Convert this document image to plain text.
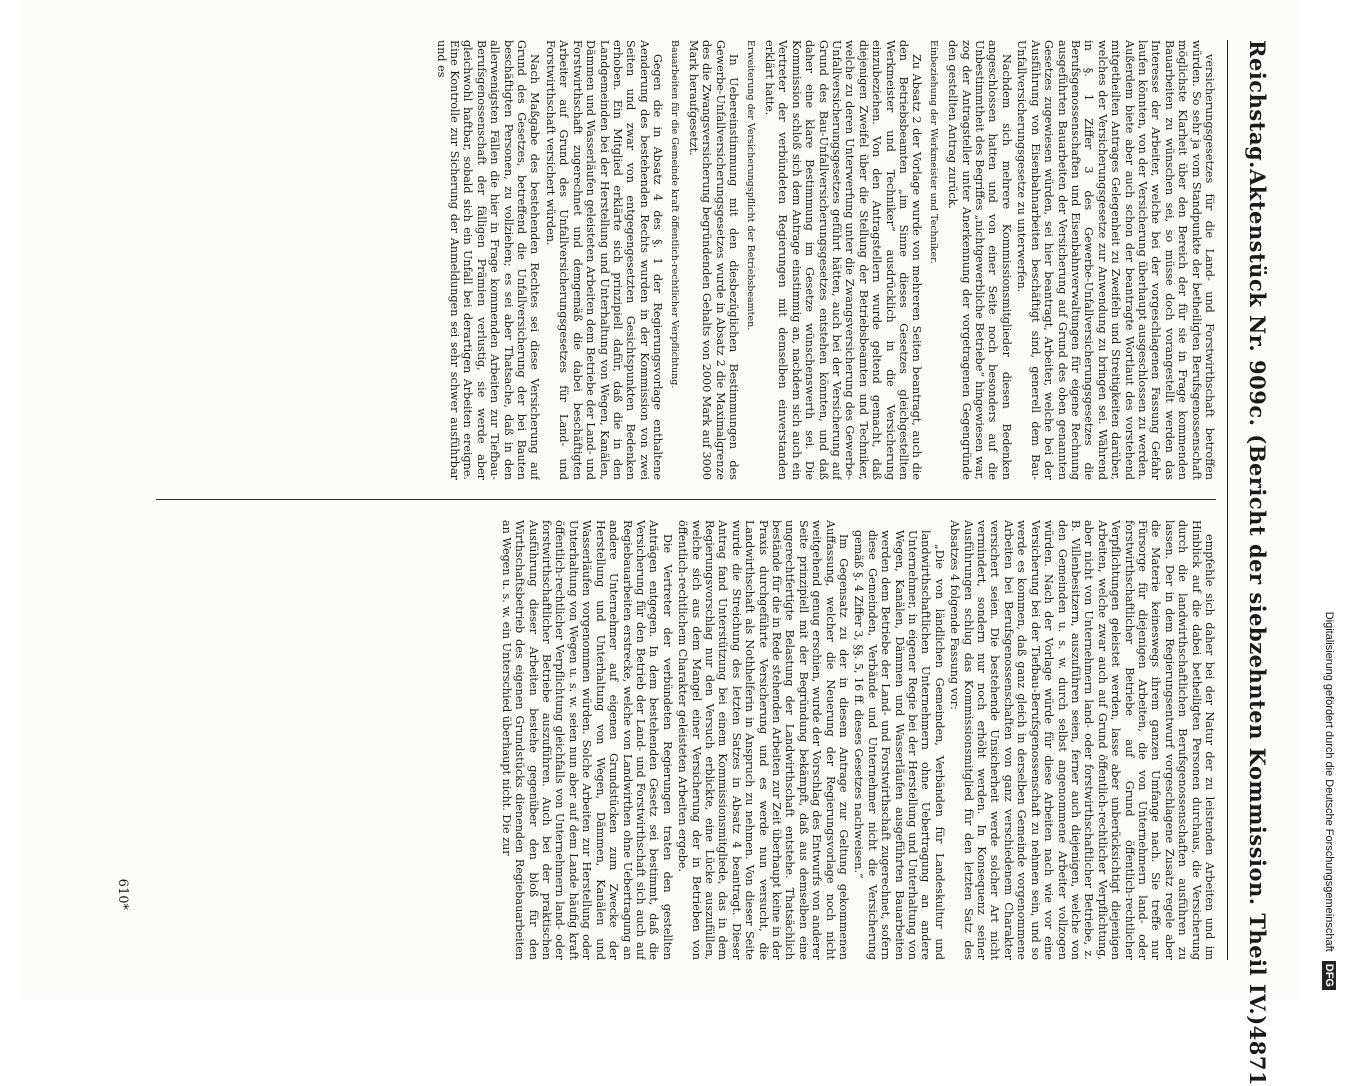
Reichstag.
Aktenstück Nr. 909c. (Bericht der siebzehnten Kommission. Theil IV.)
4871

versicherungsgesetzes für die Land- und Forstwirthschaft betroffen würden. So sehr ja vom Standpunkte der betheiligten Berufsgenossenschaft möglichste Klarheit über den Bereich der für sie in Frage kommenden Bauarbeiten zu wünschen sei, so müsse doch vorangestellt werden das Interesse der Arbeiter, welche bei der vorgeschlagenen Fassung Gefahr laufen könnten, von der Versicherung überhaupt ausgeschlossen zu werden. Außerdem biete aber auch schon der beantragte Wortlaut des vorstehend mitgetheilten Antrages Gelegenheit zu Zweifeln und Streitigkeiten darüber, welches der Versicherungsgesetze zur Anwendung zu bringen sei. Während in §. 1 Ziffer 3 des Gewerbe-Unfallversicherungsgesetzes die Berufsgenossenschaften und Eisenbahnverwaltungen für eigene Rechnung ausgeführten Bauarbeiten der Versicherung auf Grund des oben genannten Gesetzes zugewiesen würden, sei hier beantragt, Arbeiter, welche bei der Ausführung von Eisenbahnarbeiten beschäftigt sind, generell dem Bau-Unfallversicherungsgesetze zu unterwerfen.

Nachdem sich mehrere Kommissionsmitglieder diesen Bedenken angeschlossen hatten und von einer Seite noch besonders auf die Unbestimmtheit des Begriffes „nichtgewerbliche Betriebe“ hingewiesen war, zog der Antragsteller unter Anerkennung der vorgetragenen Gegengründe den gestellten Antrag zurück.

Einbeziehung der Werkmeister und Techniker.

Zu Absatz 2 der Vorlage wurde von mehreren Seiten beantragt, auch die den Betriebsbeamten „im Sinne dieses Gesetzes gleichgestellten Werkmeister und Techniker“ ausdrücklich in die Versicherung einzubeziehen. Von den Antragstellern wurde geltend gemacht, daß diejenigen Zweifel über die Stellung der Betriebsbeamten und Techniker, welche zu deren Unterwerfung unter die Zwangsversicherung des Gewerbe-Unfallversicherungsgesetzes geführt hätten, auch bei der Versicherung auf Grund des Bau-Unfallversicherungsgesetzes entstehen könnten, und daß daher eine klare Bestimmung im Gesetze wünschenswerth sei. Die Kommission schloß sich dem Antrage einstimmig an, nachdem sich auch ein Vertreter der verbündeten Regierungen mit demselben einverstanden erklärt hatte.

Erweiterung der Versicherungspflicht der Betriebsbeamten.

In Uebereinstimmung mit den diesbezüglichen Bestimmungen des Gewerbe-Unfallversicherungsgesetzes wurde in Absatz 2 die Maximalgrenze des die Zwangsversicherung begründenden Gehalts von 2000 Mark auf 3000 Mark heraufgesetzt.

Bauarbeiten für die Gemeinde kraft öffentlich-rechtlicher Verpflichtung.

Gegen die in Absatz 4 des §. 1 der Regierungsvorlage enthaltene Aenderung des bestehenden Rechts wurden in der Kommission von zwei Seiten und zwar von entgegengesetzten Gesichtspunkten Bedenken erhoben. Ein Mitglied erklärte sich prinzipiell dafür, daß die in den Landgemeinden bei der Herstellung und Unterhaltung von Wegen, Kanälen, Dämmen und Wasserläufen geleisteten Arbeiten dem Betriebe der Land- und Forstwirthschaft zugerechnet und demgemäß die dabei beschäftigten Arbeiter auf Grund des Unfallversicherungsgesetzes für Land- und Forstwirthschaft versichert würden.

Nach Maßgabe des bestehenden Rechtes sei diese Versicherung auf Grund des Gesetzes, betreffend die Unfallversicherung der bei Bauten beschäftigten Personen, zu vollziehen; es sei aber Thatsache, daß in den allerwenigsten Fällen die hier in Frage kommenden Arbeiten zur Tiefbau-Berufsgenossenschaft der fälligen Prämien verlustig, sie werde aber gleichwohl haftbar, sobald sich ein Unfall bei derartigen Arbeiten ereigne. Eine Kontrolle zur Sicherung der Anmeldungen sei sehr schwer ausführbar und es

empfehle sich daher bei der Natur der zu leistenden Arbeiten und im Hinblick auf die dabei betheiligten Personen durchaus, die Versicherung durch die landwirthschaftlichen Berufsgenossenschaften ausführen zu lassen. Der in dem Regierungsentwurf vorgeschlagene Zusatz regele aber die Materie keineswegs ihrem ganzen Umfange nach. Sie treffe nur Fürsorge für diejenigen Arbeiten, die von Unternehmern land- oder forstwirthschaftlicher Betriebe auf Grund öffentlich-rechtlicher Verpflichtungen geleistet werden, lasse aber unberücksichtigt diejenigen Arbeiten, welche zwar auch auf Grund öffentlich-rechtlicher Verpflichtung, aber nicht von Unternehmern land- oder forstwirthschaftlicher Betriebe, z. B. Villenbesitzern, auszuführen seien, ferner auch diejenigen, welche von den Gemeinden u. s. w. durch selbst angenommene Arbeiter vollzogen würden. Nach der Vorlage würde für diese Arbeiten nach wie vor eine Versicherung bei der Tiefbau-Berufsgenossenschaft zu nehmen sein, und so werde es kommen, daß ganz gleich in derselben Gemeinde vorgenommene Arbeiten bei Berufsgenossenschaften von ganz verschiedenem Charakter versichert seien. Die bestehende Unsicherheit werde solcher Art nicht vermindert, sondern nur noch erhöht werden. In Konsequenz seiner Ausführungen schlug das Kommissionsmitglied für den letzten Satz des Absatzes 4 folgende Fassung vor:

„Die von ländlichen Gemeinden, Verbänden für Landeskultur und landwirthschaftlichen Unternehmern ohne Uebertragung an andere Unternehmer, in eigener Regie bei der Herstellung und Unterhaltung von Wegen, Kanälen, Dämmen und Wasserläufen ausgeführten Bauarbeiten werden dem Betriebe der Land- und Forstwirthschaft zugerechnet, sofern diese Gemeinden, Verbände und Unternehmer nicht die Versicherung gemäß §. 4 Ziffer 3, §§. 5, 16 ff. dieses Gesetzes nachweisen.“

Im Gegensatz zu der in diesem Antrage zur Geltung gekommenen Auffassung, welcher die Neuerung der Regierungsvorlage noch nicht weitgehend genug erschien, wurde der Vorschlag des Entwurfs von anderer Seite prinzipiell mit der Begründung bekämpft, daß aus demselben eine ungerechtfertigte Belastung der Landwirthschaft entstehe. Thatsächlich bestände für die in Rede stehenden Arbeiten zur Zeit überhaupt keine in der Praxis durchgeführte Versicherung und es werde nun versucht, die Landwirthschaft als Nothhelferin in Anspruch zu nehmen. Von dieser Seite wurde die Streichung des letzten Satzes in Absatz 4 beantragt. Dieser Antrag fand Unterstützung bei einem Kommissionsmitgliede, das in dem Regierungsvorschlag nur den Versuch erblickte, eine Lücke auszufüllen, welche sich aus dem Mangel einer Versicherung der in Betrieben von öffentlich-rechtlichem Charakter geleisteten Arbeiten ergebe.

Die Vertreter der verbündeten Regierungen traten den gestellten Anträgen entgegen. In dem bestehenden Gesetz sei bestimmt, daß die Versicherung für den Betrieb der Land- und Forstwirthschaft sich auch auf Regiebauarbeiten erstrecke, welche von Landwirthen ohne Uebertragung an andere Unternehmer auf eigenen Grundstücken zum Zwecke der Herstellung und Unterhaltung von Wegen, Dämmen, Kanälen und Wasserläufen vorgenommen würden. Solche Arbeiten zur Herstellung oder Unterhaltung von Wegen u. s. w. seien nun aber auf dem Lande häufig kraft öffentlich-rechtlicher Verpflichtung gleichfalls von Unternehmern land- oder forstwirthschaftlicher Betriebe auszuführen. Auch bei der praktischen Ausführung dieser Arbeiten bestehe gegenüber den bloß für den Wirthschaftsbetrieb des eigenen Grundstücks dienenden Regiebauarbeiten an Wegen u. s. w. ein Unterschied überhaupt nicht. Die zur

610*	Digitalisierung gefördert durch die Deutsche Forschungsgemeinschaft DFG
